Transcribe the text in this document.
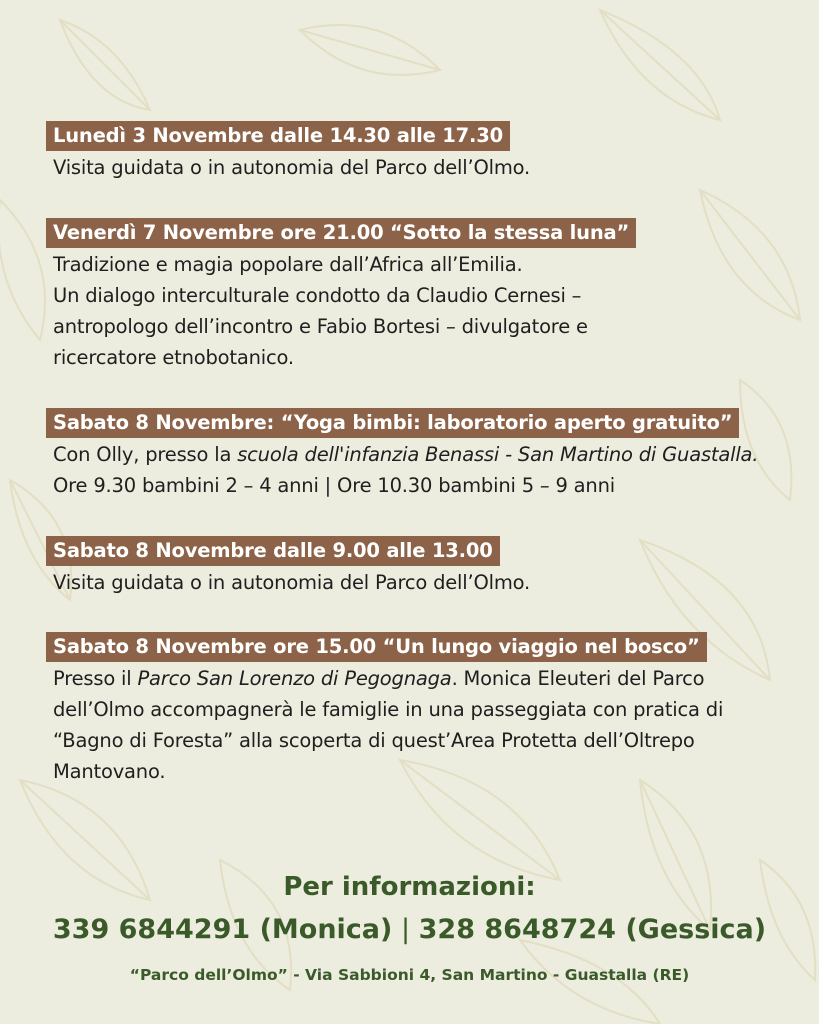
Lunedì 3 Novembre dalle 14.30 alle 17.30
Visita guidata o in autonomia del Parco dell’Olmo.
Venerdì 7 Novembre ore 21.00 “Sotto la stessa luna”
Tradizione e magia popolare dall’Africa all’Emilia.
Un dialogo interculturale condotto da Claudio Cernesi –
antropologo dell’incontro e Fabio Bortesi – divulgatore e
ricercatore etnobotanico.
Sabato 8 Novembre: “Yoga bimbi: laboratorio aperto gratuito”
Con Olly, presso la scuola dell'infanzia Benassi - San Martino di Guastalla.
Ore 9.30 bambini 2 – 4 anni | Ore 10.30 bambini 5 – 9 anni
Sabato 8 Novembre dalle 9.00 alle 13.00
Visita guidata o in autonomia del Parco dell’Olmo.
Sabato 8 Novembre ore 15.00 “Un lungo viaggio nel bosco”
Presso il Parco San Lorenzo di Pegognaga. Monica Eleuteri del Parco
dell’Olmo accompagnerà le famiglie in una passeggiata con pratica di
“Bagno di Foresta” alla scoperta di quest’Area Protetta dell’Oltrepo
Mantovano.
Per informazioni:
339 6844291 (Monica) | 328 8648724 (Gessica)
“Parco dell’Olmo” - Via Sabbioni 4, San Martino - Guastalla (RE)
